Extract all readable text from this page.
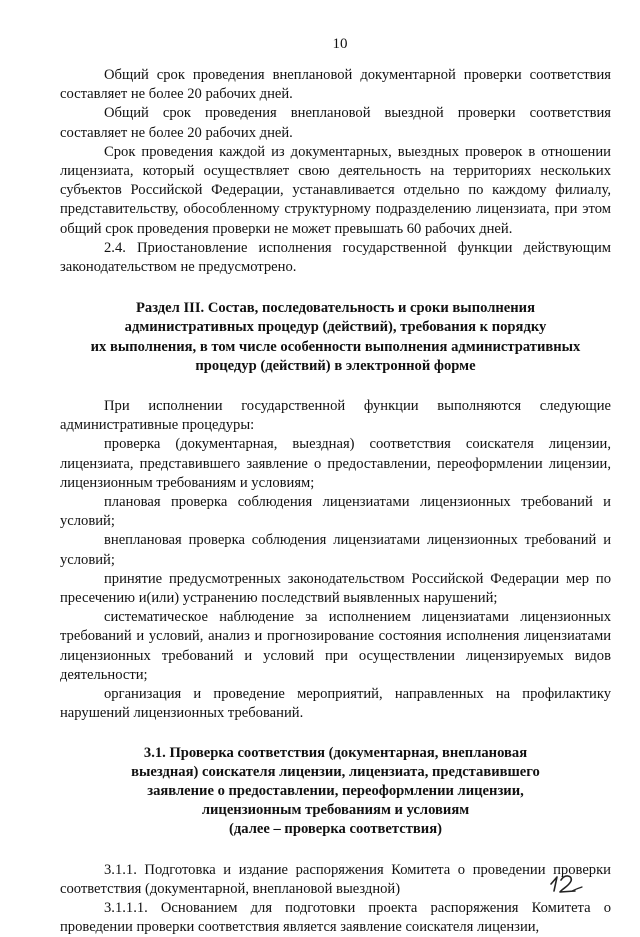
10

Общий срок проведения внеплановой документарной проверки соответствия составляет не более 20 рабочих дней.

Общий срок проведения внеплановой выездной проверки соответствия составляет не более 20 рабочих дней.

Срок проведения каждой из документарных, выездных проверок в отношении лицензиата, который осуществляет свою деятельность на территориях нескольких субъектов Российской Федерации, устанавливается отдельно по каждому филиалу, представительству, обособленному структурному подразделению лицензиата, при этом общий срок проведения проверки не может превышать 60 рабочих дней.

2.4. Приостановление исполнения государственной функции действующим законодательством не предусмотрено.

Раздел III. Состав, последовательность и сроки выполнения
административных процедур (действий), требования к порядку
их выполнения, в том числе особенности выполнения административных
процедур (действий) в электронной форме

При исполнении государственной функции выполняются следующие административные процедуры:

проверка (документарная, выездная) соответствия соискателя лицензии, лицензиата, представившего заявление о предоставлении, переоформлении лицензии, лицензионным требованиям и условиям;

плановая проверка соблюдения лицензиатами лицензионных требований и условий;

внеплановая проверка соблюдения лицензиатами лицензионных требований и условий;

принятие предусмотренных законодательством Российской Федерации мер по пресечению и(или) устранению последствий выявленных нарушений;

систематическое наблюдение за исполнением лицензиатами лицензионных требований и условий, анализ и прогнозирование состояния исполнения лицензиатами лицензионных требований и условий при осуществлении лицензируемых видов деятельности;

организация и проведение мероприятий, направленных на профилактику нарушений лицензионных требований.

3.1. Проверка соответствия (документарная, внеплановая
выездная) соискателя лицензии, лицензиата, представившего
заявление о предоставлении, переоформлении лицензии,
лицензионным требованиям и условиям
(далее – проверка соответствия)

3.1.1. Подготовка и издание распоряжения Комитета о проведении проверки соответствия (документарной, внеплановой выездной)

3.1.1.1. Основанием для подготовки проекта распоряжения Комитета о проведении проверки соответствия является заявление соискателя лицензии,
